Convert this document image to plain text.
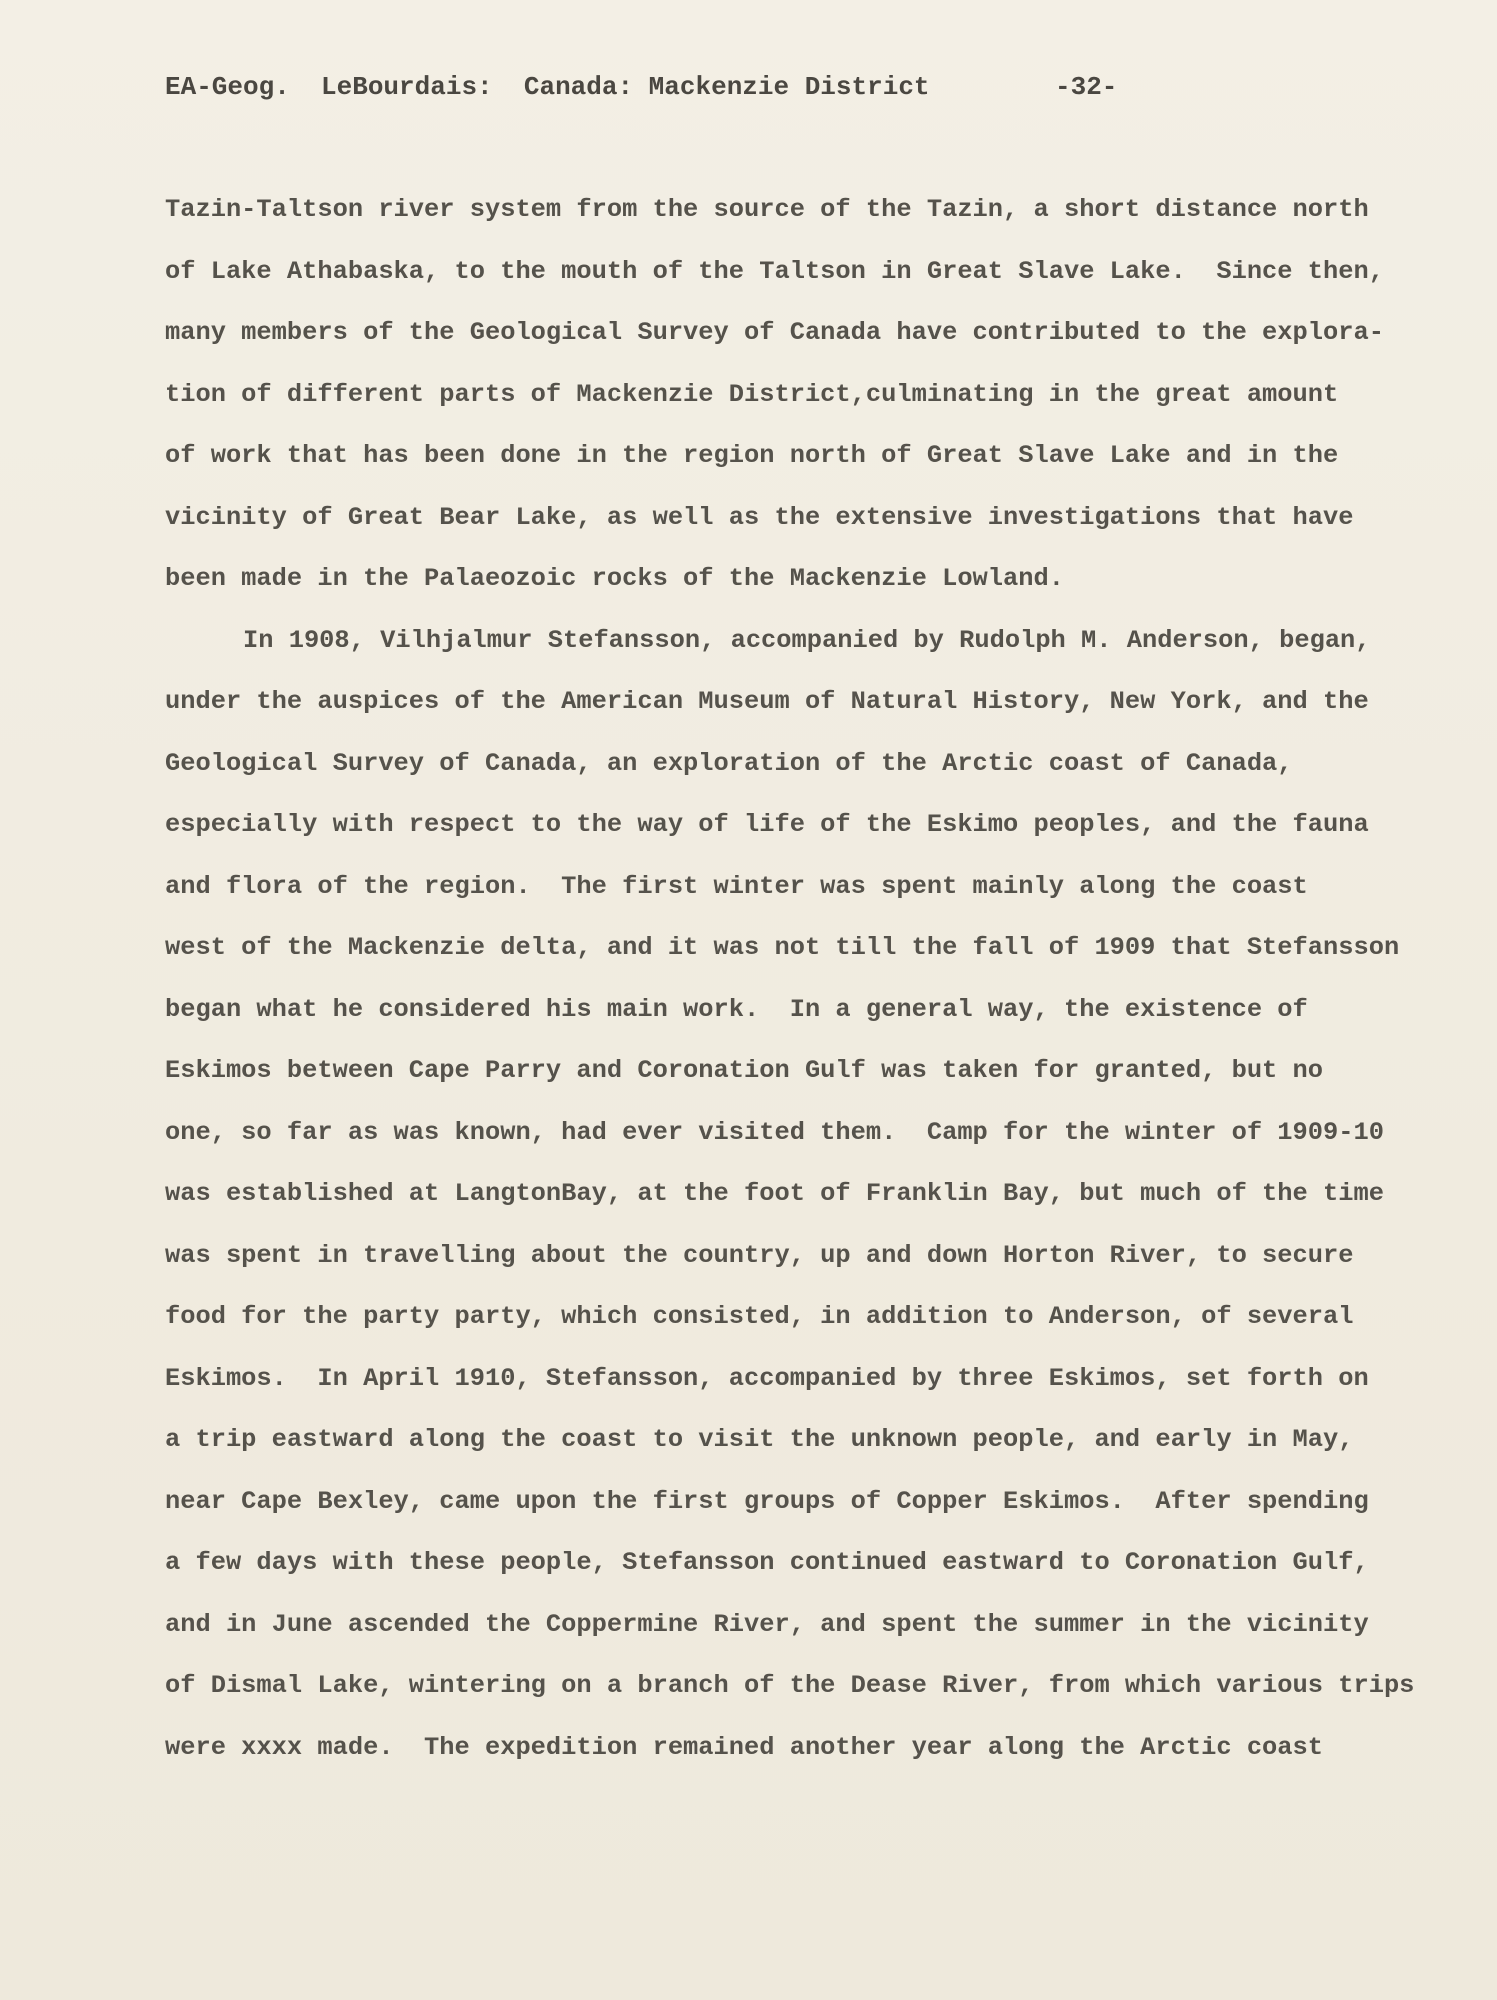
EA-Geog.  LeBourdais:  Canada: Mackenzie District

	-32-

Tazin-Taltson river system from the source of the Tazin, a short distance north
of Lake Athabaska, to the mouth of the Taltson in Great Slave Lake.  Since then,
many members of the Geological Survey of Canada have contributed to the explora-
tion of different parts of Mackenzie District,culminating in the great amount
of work that has been done in the region north of Great Slave Lake and in the
vicinity of Great Bear Lake, as well as the extensive investigations that have
been made in the Palaeozoic rocks of the Mackenzie Lowland.
In 1908, Vilhjalmur Stefansson, accompanied by Rudolph M. Anderson, began,
under the auspices of the American Museum of Natural History, New York, and the
Geological Survey of Canada, an exploration of the Arctic coast of Canada,
especially with respect to the way of life of the Eskimo peoples, and the fauna
and flora of the region.  The first winter was spent mainly along the coast
west of the Mackenzie delta, and it was not till the fall of 1909 that Stefansson
began what he considered his main work.  In a general way, the existence of
Eskimos between Cape Parry and Coronation Gulf was taken for granted, but no
one, so far as was known, had ever visited them.  Camp for the winter of 1909-10
was established at LangtonBay, at the foot of Franklin Bay, but much of the time
was spent in travelling about the country, up and down Horton River, to secure
food for the party party, which consisted, in addition to Anderson, of several
Eskimos.  In April 1910, Stefansson, accompanied by three Eskimos, set forth on
a trip eastward along the coast to visit the unknown people, and early in May,
near Cape Bexley, came upon the first groups of Copper Eskimos.  After spending
a few days with these people, Stefansson continued eastward to Coronation Gulf,
and in June ascended the Coppermine River, and spent the summer in the vicinity
of Dismal Lake, wintering on a branch of the Dease River, from which various trips
were xxxx made.  The expedition remained another year along the Arctic coast
